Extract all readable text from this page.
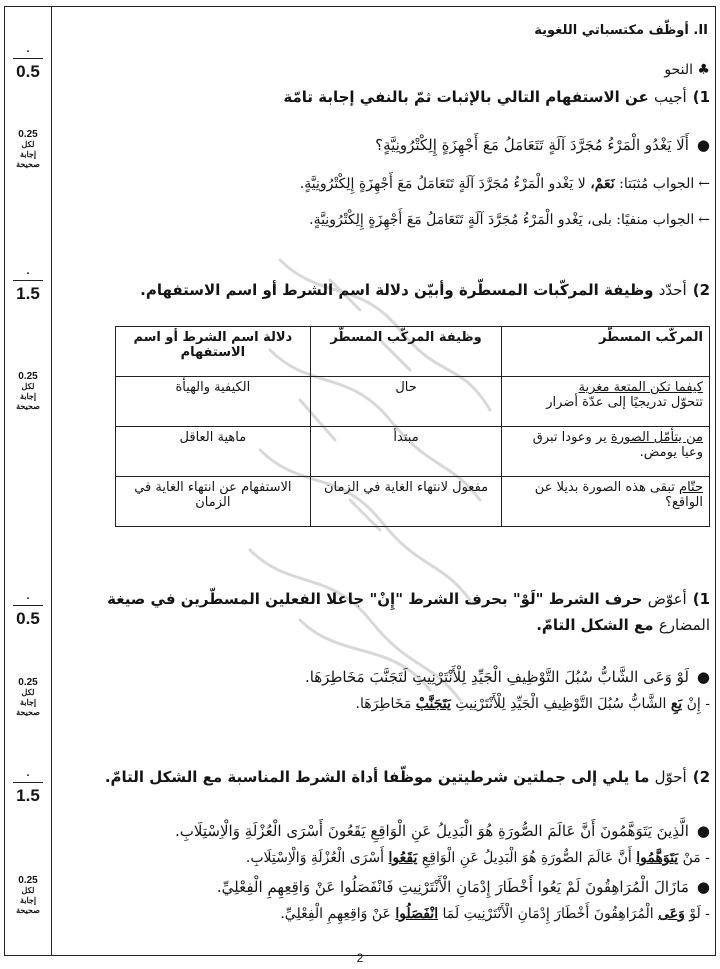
.
0.5
0.25
لكل
إجابة
صحيحة
.
1.5
0.25
لكل
إجابة
صحيحة
.
0.5
0.25
لكل
إجابة
صحيحة
.
1.5
0.25
لكل
إجابة
صحيحة
II. أوظّف مكتسباتي اللغوية
♣ النحو
1)أجيب عن الاستفهام التالي بالإثبات ثمّ بالنفي إجابة تامّة
●أَلَا يَغْدُو الْمَرْءُ مُجَرَّدَ آلَةٍ تَتَعَامَلُ مَعَ أَجْهِزَةٍ إِلِكْتْرُونِيَّةٍ؟
←الجواب مُثبَتا: نَعَمْ، لا يَغْدو الْمَرْءُ مُجَرَّدَ آلَةٍ تَتَعَامَلُ مَعَ أَجْهِزَةٍ إِلِكْتْرُونِيَّةٍ.
←الجواب منفيًا: بلى، يَغْدو الْمَرْءُ مُجَرَّدَ آلَةٍ تَتَعَامَلُ مَعَ أَجْهِزَةٍ إِلِكْتْرُونِيَّةٍ.
2)أحدّد وظيفة المركّبات المسطّرة وأبيّن دلالة اسم الشرط أو اسم الاستفهام.
المركّب المسطّر	وظيفة المركّب المسطّر	دلالة اسم الشرط أو اسم الاستفهام
كيفما تكن المتعة مغرية
تتحوّل تدريجيًا إلى عدّة أضرار	حال	الكيفية والهيأة
من يتأمّل الصورة ير وعودا تبرق وعيا يومض.	مبتدأ	ماهية العاقل
حتّام تبقى هذه الصورة بديلا عن الواقع؟	مفعول لانتهاء الغاية في الزمان	الاستفهام عن انتهاء الغاية في الزمان
1)أعوّض حرف الشرط "لَوْ" بحرف الشرط "إِنْ" جاعلا الفعلين المسطّرين في صيغة
المضارع مع الشكل التامّ.
●لَوْ وَعَى الشَّابُّ سُبُلَ التَّوْظِيفِ الْجَيِّدِ لِلْأَنْتَرْنِيتِ لَتَجَنَّبَ مَخَاطِرَهَا.
- إِنْ يَعِ الشَّابُّ سُبُلَ التَّوْظِيفِ الْجَيِّدِ لِلْأَنْتَرْنِيتِ يَتَجَنَّبْ مَخَاطِرَهَا.
2)أحوّل ما يلي إلى جملتين شرطيتين موظّفا أداة الشرط المناسبة مع الشكل التامّ.
●الَّذِينَ يَتَوَهَّمُونَ أَنَّ عَالَمَ الصُّورَةِ هُوَ الْبَدِيلُ عَنِ الْوَاقِعِ يَقَعُونَ أَسْرَى الْعُزْلَةِ وَالْاِسْتِلَابِ.
- مَنْ يَتَوَهَّمُوا أَنَّ عَالَمَ الصُّورَةِ هُوَ الْبَدِيلُ عَنِ الْوَاقِعِ يَقَعُوا أَسْرَى الْعُزْلَةِ وَالْاِسْتِلَابِ.
●مَازَالَ الْمُرَاهِقُونَ لَمْ يَعُوا أَخْطَارَ إِدْمَانِ الْأَنْتَرْنِيتِ فَانْفَصَلُوا عَنْ وَاقِعِهِمِ الْفِعْلِيِّ.
- لَوْ وَعَى الْمُرَاهِقُونَ أَخْطَارَ إِدْمَانِ الْأَنْتَرْنِيتِ لَمَا انْفَصَلُوا عَنْ وَاقِعِهِمِ الْفِعْلِيِّ.
2
